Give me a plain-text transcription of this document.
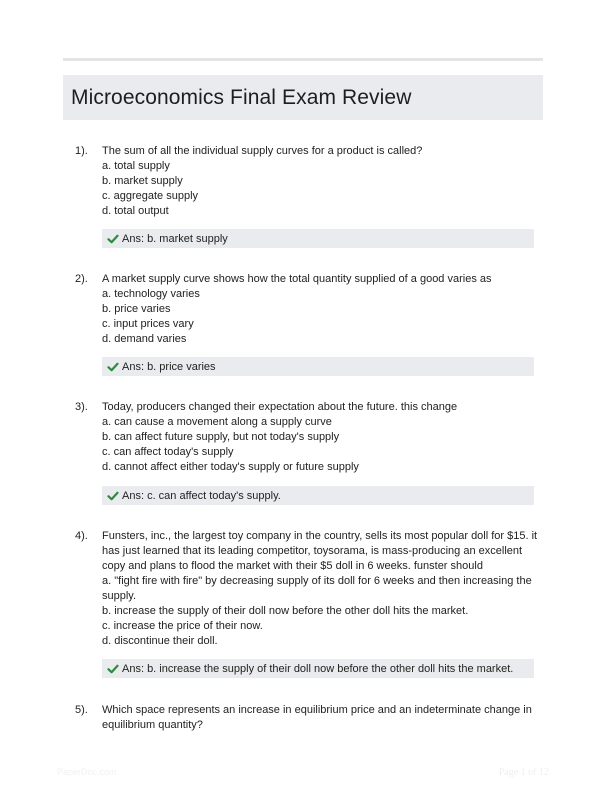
Microeconomics Final Exam Review
1). The sum of all the individual supply curves for a product is called?
a. total supply
b. market supply
c. aggregate supply
d. total output
Ans: b. market supply
2). A market supply curve shows how the total quantity supplied of a good varies as
a. technology varies
b. price varies
c. input prices vary
d. demand varies
Ans: b. price varies
3). Today, producers changed their expectation about the future. this change
a. can cause a movement along a supply curve
b. can affect future supply, but not today's supply
c. can affect today's supply
d. cannot affect either today's supply or future supply
Ans: c. can affect today's supply.
4). Funsters, inc., the largest toy company in the country, sells its most popular doll for $15. it has just learned that its leading competitor, toysorama, is mass-producing an excellent copy and plans to flood the market with their $5 doll in 6 weeks. funster should
a. "fight fire with fire" by decreasing supply of its doll for 6 weeks and then increasing the supply.
b. increase the supply of their doll now before the other doll hits the market.
c. increase the price of their now.
d. discontinue their doll.
Ans: b. increase the supply of their doll now before the other doll hits the market.
5). Which space represents an increase in equilibrium price and an indeterminate change in equilibrium quantity?
PaperDoc.com	Page 1 of 12
